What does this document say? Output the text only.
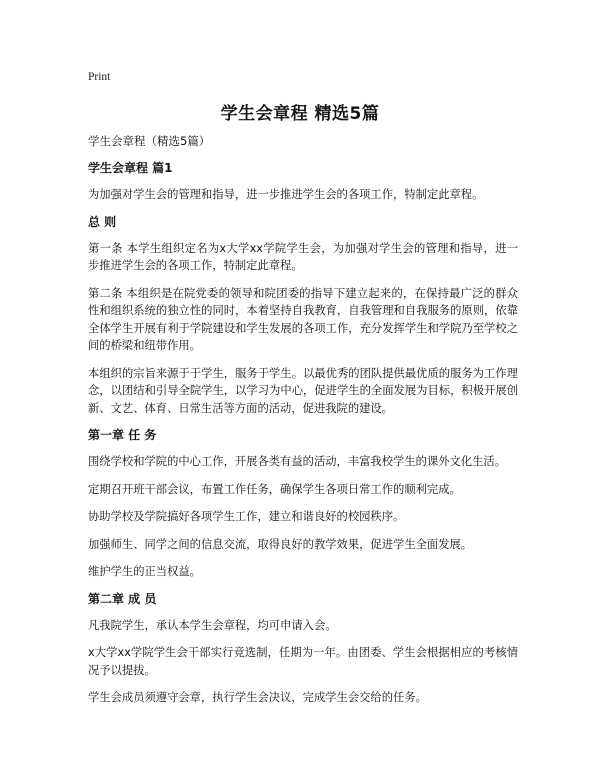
Print
学生会章程 精选5篇
学生会章程（精选5篇）
学生会章程 篇1

为加强对学生会的管理和指导，进一步推进学生会的各项工作，特制定此章程。

总 则

第一条 本学生组织定名为x大学xx学院学生会，为加强对学生会的管理和指导，进一步推进学生会的各项工作，特制定此章程。

第二条 本组织是在院党委的领导和院团委的指导下建立起来的，在保持最广泛的群众性和组织系统的独立性的同时，本着坚持自我教育，自我管理和自我服务的原则，依靠全体学生开展有利于学院建设和学生发展的各项工作，充分发挥学生和学院乃至学校之间的桥梁和纽带作用。

本组织的宗旨来源于于学生，服务于学生。以最优秀的团队提供最优质的服务为工作理念，以团结和引导全院学生，以学习为中心，促进学生的全面发展为目标，积极开展创新、文艺、体育、日常生活等方面的活动，促进我院的建设。

第一章 任 务

围绕学校和学院的中心工作，开展各类有益的活动，丰富我校学生的课外文化生活。

定期召开班干部会议，布置工作任务，确保学生各项日常工作的顺利完成。

协助学校及学院搞好各项学生工作，建立和谐良好的校园秩序。

加强师生、同学之间的信息交流，取得良好的教学效果，促进学生全面发展。

维护学生的正当权益。

第二章 成 员

凡我院学生，承认本学生会章程，均可申请入会。

x大学xx学院学生会干部实行竞选制，任期为一年。由团委、学生会根据相应的考核情况予以提拔。

学生会成员须遵守会章，执行学生会决议，完成学生会交给的任务。
